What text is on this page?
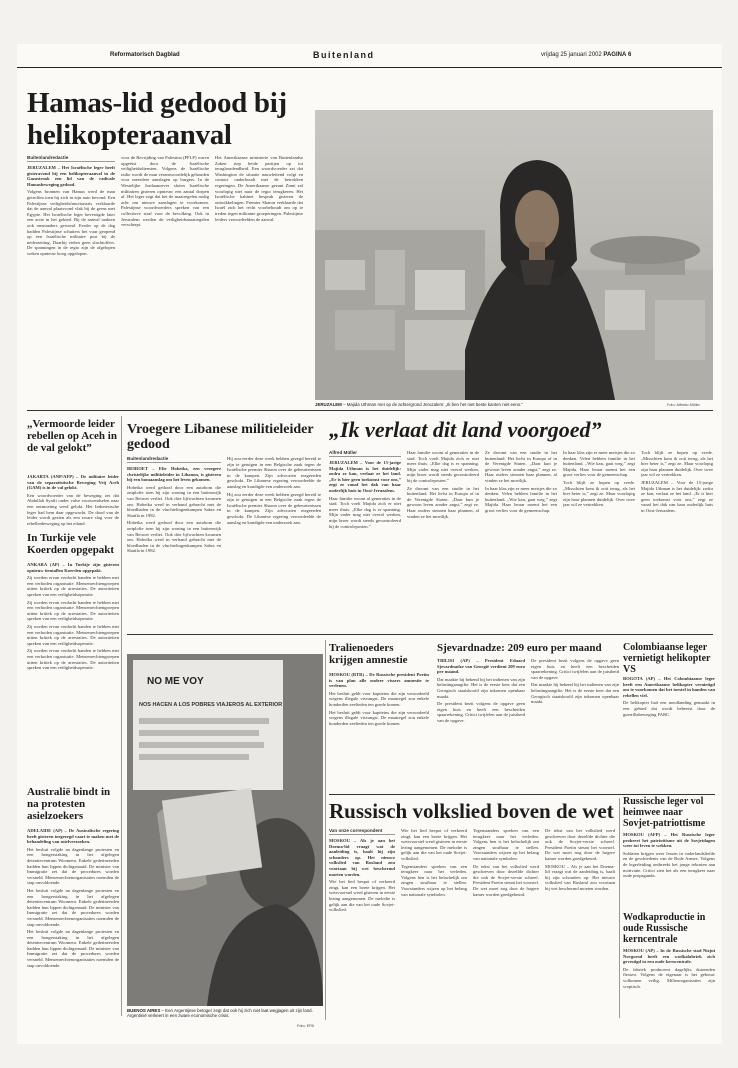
Reformatorisch Dagblad	Buitenland	vrijdag 25 januari 2002 PAGINA 6
Hamas-lid gedood bij helikopteraanval
Buitenlandredactie

JERUZALEM – Het Israëlische leger heeft gisteravond bij een helikopteraanval in de Gazastrook een lid van de radicale Hamasbeweging gedood.

Volgens bronnen van Hamas werd de man getroffen toen hij zich in zijn auto bevond. Een Palestijnse veiligheidsfunctionaris verklaarde dat de aanval plaatsvond vlak bij de grens met Egypte. Het Israëlische leger bevestigde later een actie in het gebied. Bij de aanval raakten ook omstanders gewond. Eerder op de dag hadden Palestijnse schutters het vuur geopend op een Israëlische militaire post bij de nederzetting. Daarbij vielen geen slachtoffers. De spanningen in de regio zijn de afgelopen weken opnieuw hoog opgelopen.

voor de Bevrijding van Palestina (PFLP) waren opgeëist door de Israëlische veiligheidsdiensten. Volgens de Israëlische radio wordt de man verantwoordelijk gehouden voor meerdere aanslagen op burgers. In de Westelijke Jordaanoever sloten Israëlische militairen gisteren opnieuw een aantal dorpen af. Het leger zegt dat het de maatregelen nodig acht om nieuwe aanslagen te voorkomen. Palestijnse woordvoerders spreken van een collectieve straf voor de bevolking. Ook in Jeruzalem werden de veiligheidsmaatregelen verscherpt.

Het Amerikaanse ministerie van Buitenlandse Zaken riep beide partijen op tot terughoudendheid. Een woordvoerder zei dat Washington de situatie nauwlettend volgt en contact onderhoudt met de betrokken regeringen. De Amerikaanse gezant Zinni zal voorlopig niet naar de regio terugkeren. Het Israëlische kabinet besprak gisteren de ontwikkelingen. Premier Sharon verklaarde dat Israël zich het recht voorbehoudt om op te treden tegen militante groeperingen. Palestijnse leiders veroordeelden de aanval.

JERUZALEM – Majida Uthman met op de achtergrond Jeruzalem: „Ik ben het niet beste kanten niet eens.”	Foto: Alfredo Müller
„Vermoorde leider rebellen op Aceh in de val gelokt”

JAKARTA (ANP/AFP) – De militaire leider van de separatistische Beweging Vrij Aceh (GAM) is in de val gelokt.

Een woordvoerder van de beweging zei dat Abdullah Syafii onder valse voorwendselen naar een ontmoeting werd gelokt. Het Indonesische leger had hem daar opgewacht. De dood van de leider wordt gezien als een zware slag voor de rebellenbeweging op het eiland.

In Turkije vele Koerden opgepakt

ANKARA (AP) – In Turkije zijn gisteren opnieuw tientallen Koerden opgepakt.

Zij worden ervan verdacht banden te hebben met een verboden organisatie. Mensenrechtengroepen uitten kritiek op de arrestaties. De autoriteiten spreken van een veiligheidsoperatie.

Zij worden ervan verdacht banden te hebben met een verboden organisatie. Mensenrechtengroepen uitten kritiek op de arrestaties. De autoriteiten spreken van een veiligheidsoperatie.

Zij worden ervan verdacht banden te hebben met een verboden organisatie. Mensenrechtengroepen uitten kritiek op de arrestaties. De autoriteiten spreken van een veiligheidsoperatie.

Zij worden ervan verdacht banden te hebben met een verboden organisatie. Mensenrechtengroepen uitten kritiek op de arrestaties. De autoriteiten spreken van een veiligheidsoperatie.

Australië bindt in na protesten asielzoekers

ADELAIDE (AP) – De Australische regering heeft gisteren toegezegd vaart te maken met de behandeling van asielverzoeken.

Het besluit volgde na dagenlange protesten en een hongerstaking in het afgelegen detentiecentrum Woomera. Enkele gedetineerden hadden hun lippen dichtgenaaid. De minister van Immigratie zei dat de procedures worden versneld. Mensenrechtenorganisaties noemden de stap onvoldoende.

Het besluit volgde na dagenlange protesten en een hongerstaking in het afgelegen detentiecentrum Woomera. Enkele gedetineerden hadden hun lippen dichtgenaaid. De minister van Immigratie zei dat de procedures worden versneld. Mensenrechtenorganisaties noemden de stap onvoldoende.

Het besluit volgde na dagenlange protesten en een hongerstaking in het afgelegen detentiecentrum Woomera. Enkele gedetineerden hadden hun lippen dichtgenaaid. De minister van Immigratie zei dat de procedures worden versneld. Mensenrechtenorganisaties noemden de stap onvoldoende.

Vroegere Libanese militieleider gedood
Buitenlandredactie

BEIROET – Elie Hobeika, een vroegere christelijke militieleider in Libanon, is gisteren bij een bomaanslag om het leven gekomen.

Hobeika werd gedood door een autobom die ontplofte toen hij zijn woning in een buitenwijk van Beiroet verliet. Ook drie lijfwachten kwamen om. Hobeika werd in verband gebracht met de bloedbaden in de vluchtelingenkampen Sabra en Shatila in 1982.

Hobeika werd gedood door een autobom die ontplofte toen hij zijn woning in een buitenwijk van Beiroet verliet. Ook drie lijfwachten kwamen om. Hobeika werd in verband gebracht met de bloedbaden in de vluchtelingenkampen Sabra en Shatila in 1982.

Hij zou eerder deze week hebben gezegd bereid te zijn te getuigen in een Belgische zaak tegen de Israëlische premier Sharon over de gebeurtenissen in de kampen. Zijn advocaten reageerden geschokt. De Libanese regering veroordeelde de aanslag en kondigde een onderzoek aan.

Hij zou eerder deze week hebben gezegd bereid te zijn te getuigen in een Belgische zaak tegen de Israëlische premier Sharon over de gebeurtenissen in de kampen. Zijn advocaten reageerden geschokt. De Libanese regering veroordeelde de aanslag en kondigde een onderzoek aan.

„Ik verlaat dit land voorgoed”
Alfred Müller

JERUZALEM – Voor de 15-jarige Majida Uthman is het duidelijk: zodra ze kan, verlaat ze het land. „Er is hier geen toekomst voor ons,” zegt ze vanaf het dak van haar ouderlijk huis in Oost-Jeruzalem.

Haar familie woont al generaties in de stad. Toch voelt Majida zich er niet meer thuis. „Elke dag is er spanning. Mijn vader mag niet overal werken, mijn broer wordt steeds gecontroleerd bij de controleposten.”

Haar familie woont al generaties in de stad. Toch voelt Majida zich er niet meer thuis. „Elke dag is er spanning. Mijn vader mag niet overal werken, mijn broer wordt steeds gecontroleerd bij de controleposten.”

Ze droomt van een studie in het buitenland. Het liefst in Europa of in de Verenigde Staten. „Daar kun je gewoon leven zonder angst,” zegt ze. Haar ouders steunen haar plannen, al vinden ze het moeilijk.

Ze droomt van een studie in het buitenland. Het liefst in Europa of in de Verenigde Staten. „Daar kun je gewoon leven zonder angst,” zegt ze. Haar ouders steunen haar plannen, al vinden ze het moeilijk.

In haar klas zijn er meer meisjes die zo denken. Velen hebben familie in het buitenland. „Wie kan, gaat weg,” zegt Majida. Haar leraar noemt het een groot verlies voor de gemeenschap.

In haar klas zijn er meer meisjes die zo denken. Velen hebben familie in het buitenland. „Wie kan, gaat weg,” zegt Majida. Haar leraar noemt het een groot verlies voor de gemeenschap.

Toch blijft ze hopen op vrede. „Misschien kom ik ooit terug, als het hier beter is,” zegt ze. Maar voorlopig zijn haar plannen duidelijk. Over twee jaar wil ze vertrekken.

Toch blijft ze hopen op vrede. „Misschien kom ik ooit terug, als het hier beter is,” zegt ze. Maar voorlopig zijn haar plannen duidelijk. Over twee jaar wil ze vertrekken.

JERUZALEM – Voor de 15-jarige Majida Uthman is het duidelijk: zodra ze kan, verlaat ze het land. „Er is hier geen toekomst voor ons,” zegt ze vanaf het dak van haar ouderlijk huis in Oost-Jeruzalem.

NO ME VOY
NOS HACEN A LOS POBRES VIAJEROS AL EXTERIOR
BUENOS AIRES – Een Argentijnse betoger zegt dat ook hij zich niet laat wegjagen uit zijn land. Argentinië verkeert in een zware economische crisis.
Foto: EPA
Tralienoeders krijgen amnestie

MOSKOU (RTR) – De Russische president Poetin is van plan alle oudere vissers amnestie te verlenen.

Het besluit geldt voor kapiteins die zijn veroordeeld wegens illegale visvangst. De maatregel zou enkele honderden zeelieden ten goede komen.

Het besluit geldt voor kapiteins die zijn veroordeeld wegens illegale visvangst. De maatregel zou enkele honderden zeelieden ten goede komen.

Sjevardnadze: 209 euro per maand

TBILISI (AP) – President Eduard Sjevardnadze van Georgië verdient 209 euro per maand.

Dat maakte hij bekend bij het indienen van zijn belastingaangifte. Het is de eerste keer dat een Georgisch staatshoofd zijn inkomen openbaar maakt.

De president bezit volgens de opgave geen eigen huis en heeft een bescheiden spaarrekening. Critici twijfelen aan de juistheid van de opgave.

De president bezit volgens de opgave geen eigen huis en heeft een bescheiden spaarrekening. Critici twijfelen aan de juistheid van de opgave.

Dat maakte hij bekend bij het indienen van zijn belastingaangifte. Het is de eerste keer dat een Georgisch staatshoofd zijn inkomen openbaar maakt.

Colombiaanse leger vernietigt helikopter VS

BOGOTA (AP) – Het Colombiaanse leger heeft een Amerikaanse helikopter vernietigd om te voorkomen dat het toestel in handen van rebellen viel.

De helikopter had een noodlanding gemaakt in een gebied dat wordt beheerst door de guerrillabeweging FARC.

Russisch volkslied boven de wet
Van onze correspondent

MOSKOU – Als je aan het Doema-lid vraagt wat de aanleiding is, haalt hij zijn schouders op. Het nieuwe volkslied van Rusland zou voortaan bij wet beschermd moeten worden.

Wie het lied bespot of verkeerd zingt, kan een boete krijgen. Het wetsvoorstel werd gisteren in eerste lezing aangenomen. De melodie is gelijk aan die van het oude Sovjet-volkslied.

Wie het lied bespot of verkeerd zingt, kan een boete krijgen. Het wetsvoorstel werd gisteren in eerste lezing aangenomen. De melodie is gelijk aan die van het oude Sovjet-volkslied.

Tegenstanders spreken van een terugkeer naar het verleden. Volgens hen is het belachelijk om zingen strafbaar te stellen. Voorstanders wijzen op het belang van nationale symbolen.

Tegenstanders spreken van een terugkeer naar het verleden. Volgens hen is het belachelijk om zingen strafbaar te stellen. Voorstanders wijzen op het belang van nationale symbolen.

De tekst van het volkslied werd geschreven door dezelfde dichter die ook de Sovjet-versie schreef. President Poetin steunt het voorstel. De wet moet nog door de hogere kamer worden goedgekeurd.

De tekst van het volkslied werd geschreven door dezelfde dichter die ook de Sovjet-versie schreef. President Poetin steunt het voorstel. De wet moet nog door de hogere kamer worden goedgekeurd.

MOSKOU – Als je aan het Doema-lid vraagt wat de aanleiding is, haalt hij zijn schouders op. Het nieuwe volkslied van Rusland zou voortaan bij wet beschermd moeten worden.

Russische leger vol heimwee naar Sovjet-patriottisme

MOSKOU (AFP) – Het Russische leger probeert het patriottisme uit de Sovjetdagen weer tot leven te wekken.

Soldaten krijgen weer lessen in vaderlandsliefde en de geschiedenis van de Rode Armee. Volgens de legerleiding ontbreekt het jonge rekruten aan motivatie. Critici zien het als een terugkeer naar oude propaganda.

Wodkaproductie in oude Russische kerncentrale

MOSKOU (AP) – In de Russische stad Nizjni Novgorod heeft een wodkafabriek zich gevestigd in een oude kerncentrale.

De fabriek produceert dagelijks duizenden flessen. Volgens de eigenaar is het gebouw volkomen veilig. Milieuorganisaties zijn sceptisch.
